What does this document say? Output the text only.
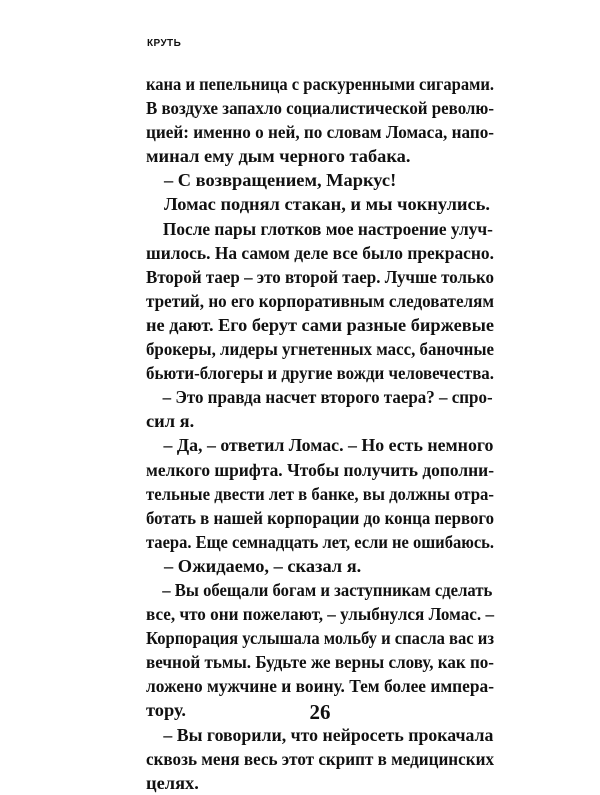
КРУТЬ
кана и пепельница с раскуренными сигарами.
В воздухе запахло социалистической револю-
цией: именно о ней, по словам Ломаса, напо-
минал ему дым черного табака.
– С возвращением, Маркус!
Ломас поднял стакан, и мы чокнулись.
После пары глотков мое настроение улуч-
шилось. На самом деле все было прекрасно.
Второй таер – это второй таер. Лучше только
третий, но его корпоративным следователям
не дают. Его берут сами разные биржевые
брокеры, лидеры угнетенных масс, баночные
бьюти-блогеры и другие вожди человечества.
– Это правда насчет второго таера? – спро-
сил я.
– Да, – ответил Ломас. – Но есть немного
мелкого шрифта. Чтобы получить дополни-
тельные двести лет в банке, вы должны отра-
ботать в нашей корпорации до конца первого
таера. Еще семнадцать лет, если не ошибаюсь.
– Ожидаемо, – сказал я.
– Вы обещали богам и заступникам сделать
все, что они пожелают, – улыбнулся Ломас. –
Корпорация услышала мольбу и спасла вас из
вечной тьмы. Будьте же верны слову, как по-
ложено мужчине и воину. Тем более импера-
тору.
– Вы говорили, что нейросеть прокачала
сквозь меня весь этот скрипт в медицинских
целях.
26
